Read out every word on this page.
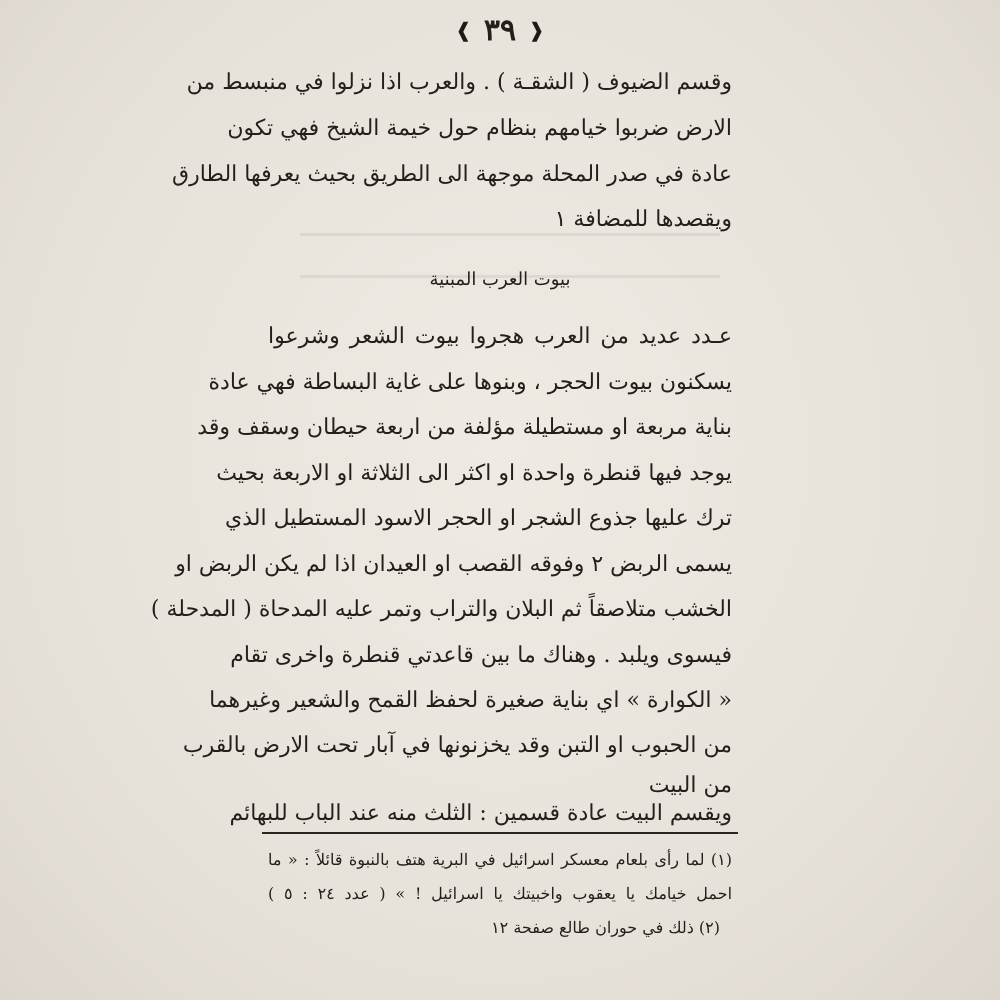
❰ ٣٩ ❱
وقسم الضيوف ( الشقـة ) . والعرب اذا نزلوا في منبسط من
الارض ضربوا خيامهم بنظام حول خيمة الشيخ فهي تكون
عادة في صدر المحلة موجهة الى الطريق بحيث يعرفها الطارق
ويقصدها للمضافة ١
بيوت العرب المبنية
عـدد عديد من العرب هجروا بيوت الشعر وشرعوا
يسكنون بيوت الحجر ، وبنوها على غاية البساطة فهي عادة
بناية مربعة او مستطيلة مؤلفة من اربعة حيطان وسقف وقد
يوجد فيها قنطرة واحدة او اكثر الى الثلاثة او الاربعة بحيث
ترك عليها جذوع الشجر او الحجر الاسود المستطيل الذي
يسمى الربض ٢ وفوقه القصب او العيدان اذا لم يكن الربض او
الخشب متلاصقاً ثم البلان والتراب وتمر عليه المدحاة ( المدحلة )
فيسوى ويلبد . وهناك ما بين قاعدتي قنطرة واخرى تقام
« الكوارة » اي بناية صغيرة لحفظ القمح والشعير وغيرهما
من الحبوب او التبن وقد يخزنونها في آبار تحت الارض بالقرب
من البيت
ويقسم البيت عادة قسمين : الثلث منه عند الباب للبهائم
(١) لما رأى بلعام معسكر اسرائيل في البرية هتف بالنبوة قائلاً : « ما
احمل خيامك يا يعقوب واخبيتك يا اسرائيل ! » ( عدد ٢٤ : ٥ )
(٢) ذلك في حوران طالع صفحة ١٢
